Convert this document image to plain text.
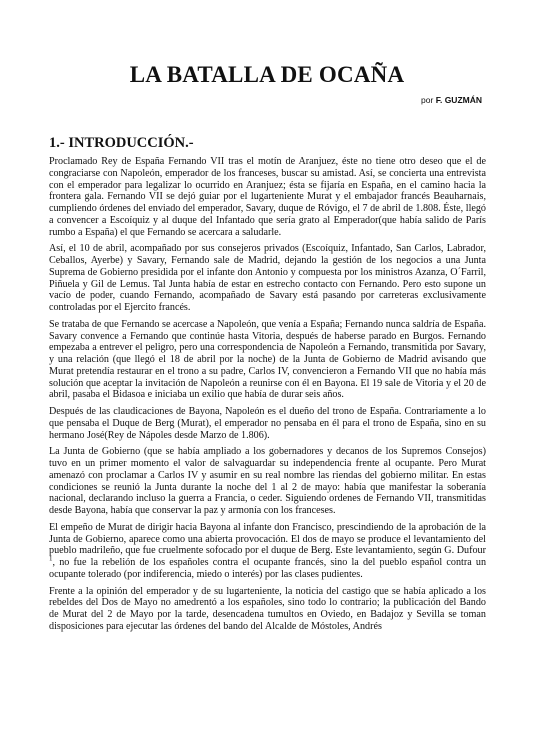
LA BATALLA DE OCAÑA
por F. GUZMÁN
1.- INTRODUCCIÓN.-

Proclamado Rey de España Fernando VII tras el motín de Aranjuez, éste no tiene otro deseo que el de congraciarse con Napoleón, emperador de los franceses, buscar su amistad. Así, se concierta una entrevista con el emperador para legalizar lo ocurrido en Aranjuez; ésta se fijaría en España, en el camino hacia la frontera gala. Fernando VII se dejó guiar por el lugarteniente Murat y el embajador francés Beauharnais, cumpliendo órdenes del enviado del emperador, Savary, duque de Róvigo, el 7 de abril de 1.808. Éste, llegó a convencer a Escoíquiz y al duque del Infantado que sería grato al Emperador(que había salido de París rumbo a España) el que Fernando se acercara a saludarle.

Así, el 10 de abril, acompañado por sus consejeros privados (Escoíquiz, Infantado, San Carlos, Labrador, Ceballos, Ayerbe) y Savary, Fernando sale de Madrid, dejando la gestión de los negocios a una Junta Suprema de Gobierno presidida por el infante don Antonio y compuesta por los ministros Azanza, O´Farril, Piñuela y Gil de Lemus. Tal Junta había de estar en estrecho contacto con Fernando. Pero esto supone un vacío de poder, cuando Fernando, acompañado de Savary está pasando por carreteras exclusivamente controladas por el Ejercito francés.

Se trataba de que Fernando se acercase a Napoleón, que venía a España; Fernando nunca saldría de España. Savary convence a Fernando que continúe hasta Vitoria, después de haberse parado en Burgos. Fernando empezaba a entrever el peligro, pero una correspondencia de Napoleón a Fernando, transmitida por Savary, y una relación (que llegó el 18 de abril por la noche) de la Junta de Gobierno de Madrid avisando que Murat pretendía restaurar en el trono a su padre, Carlos IV, convencieron a Fernando VII que no había más solución que aceptar la invitación de Napoleón a reunirse con él en Bayona. El 19 sale de Vitoria y el 20 de abril, pasaba el Bidasoa e iniciaba un exilio que había de durar seis años.

Después de las claudicaciones de Bayona, Napoleón es el dueño del trono de España. Contrariamente a lo que pensaba el Duque de Berg (Murat), el emperador no pensaba en él para el trono de España, sino en su hermano José(Rey de Nápoles desde Marzo de 1.806).

La Junta de Gobierno (que se había ampliado a los gobernadores y decanos de los Supremos Consejos) tuvo en un primer momento el valor de salvaguardar su independencia frente al ocupante. Pero Murat amenazó con proclamar a Carlos IV y asumir en su real nombre las riendas del gobierno militar. En estas condiciones se reunió la Junta durante la noche del 1 al 2 de mayo: había que manifestar la soberanía nacional, declarando incluso la guerra a Francia, o ceder. Siguiendo ordenes de Fernando VII, transmitidas desde Bayona, había que conservar la paz y armonía con los franceses.

El empeño de Murat de dirigir hacia Bayona al infante don Francisco, prescindiendo de la aprobación de la Junta de Gobierno, aparece como una abierta provocación. El dos de mayo se produce el levantamiento del pueblo madrileño, que fue cruelmente sofocado por el duque de Berg. Este levantamiento, según G. Dufour $^1$, no fue la rebelión de los españoles contra el ocupante francés, sino la del pueblo español contra un ocupante tolerado (por indiferencia, miedo o interés) por las clases pudientes.

Frente a la opinión del emperador y de su lugarteniente, la noticia del castigo que se había aplicado a los rebeldes del Dos de Mayo no amedrentó a los españoles, sino todo lo contrario; la publicación del Bando de Murat del 2 de Mayo por la tarde, desencadena tumultos en Oviedo, en Badajoz y Sevilla se toman disposiciones para ejecutar las órdenes del bando del Alcalde de Móstoles, Andrés
